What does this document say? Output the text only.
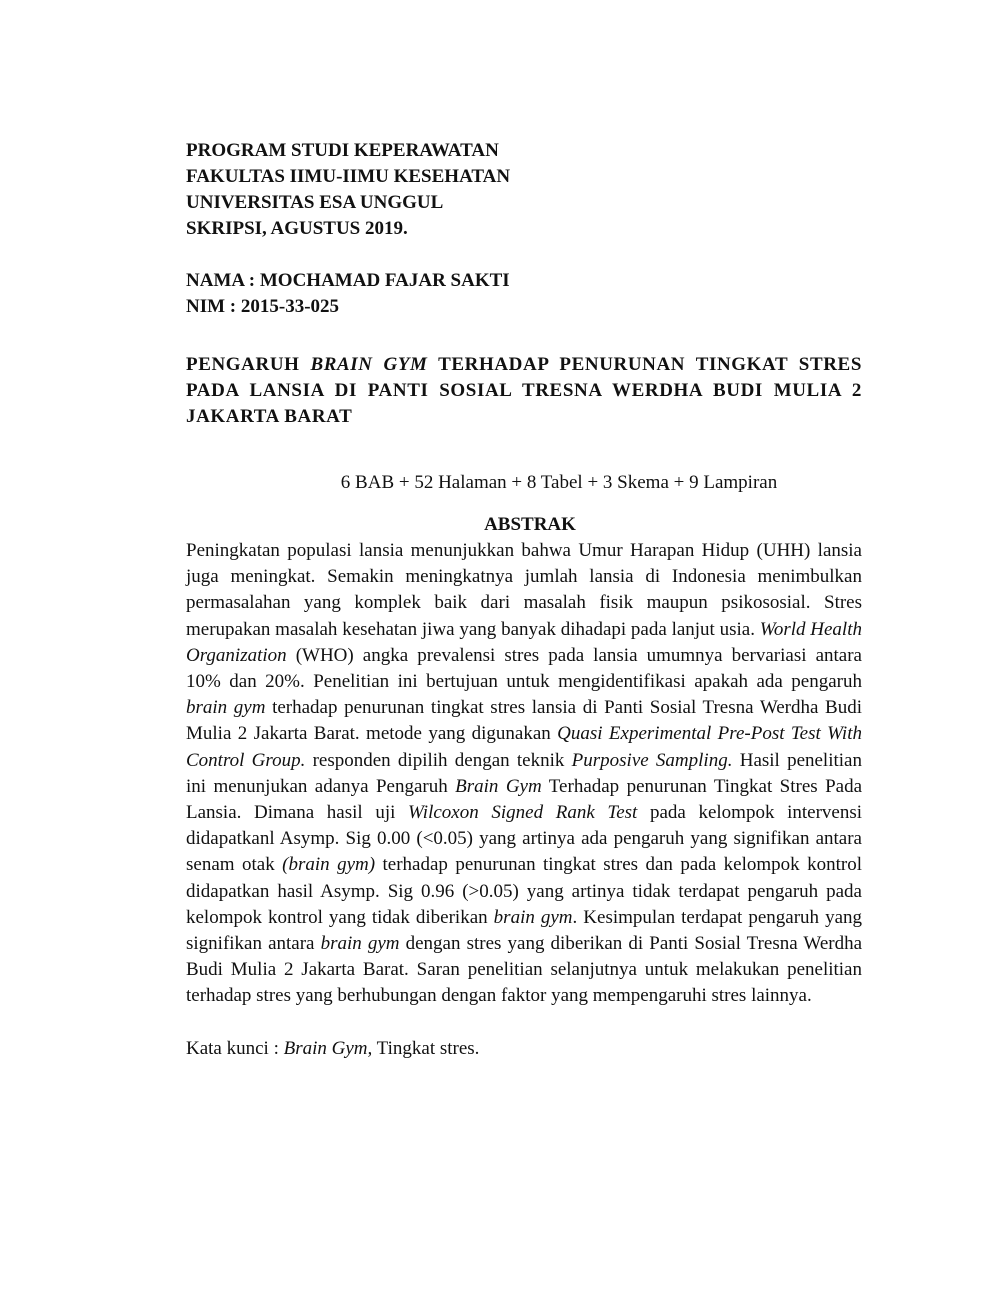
PROGRAM STUDI KEPERAWATAN
FAKULTAS IIMU-IIMU KESEHATAN
UNIVERSITAS ESA UNGGUL
SKRIPSI, AGUSTUS 2019.
NAMA : MOCHAMAD FAJAR SAKTI
NIM : 2015-33-025
PENGARUH BRAIN GYM TERHADAP PENURUNAN TINGKAT STRES PADA LANSIA DI PANTI SOSIAL TRESNA WERDHA BUDI MULIA 2 JAKARTA BARAT
6 BAB + 52 Halaman + 8 Tabel + 3 Skema + 9 Lampiran
ABSTRAK

Peningkatan populasi lansia menunjukkan bahwa Umur Harapan Hidup (UHH) lansia juga meningkat. Semakin meningkatnya jumlah lansia di Indonesia menimbulkan permasalahan yang komplek baik dari masalah fisik maupun psikososial. Stres merupakan masalah kesehatan jiwa yang banyak dihadapi pada lanjut usia. World Health Organization (WHO) angka prevalensi stres pada lansia umumnya bervariasi antara 10% dan 20%. Penelitian ini bertujuan untuk mengidentifikasi apakah ada pengaruh brain gym terhadap penurunan tingkat stres lansia di Panti Sosial Tresna Werdha Budi Mulia 2 Jakarta Barat. metode yang digunakan Quasi Experimental Pre-Post Test With Control Group. responden dipilih dengan teknik Purposive Sampling. Hasil penelitian ini menunjukan adanya Pengaruh Brain Gym Terhadap penurunan Tingkat Stres Pada Lansia. Dimana hasil uji Wilcoxon Signed Rank Test pada kelompok intervensi didapatkanl Asymp. Sig 0.00 (<0.05) yang artinya ada pengaruh yang signifikan antara senam otak (brain gym) terhadap penurunan tingkat stres dan pada kelompok kontrol didapatkan hasil Asymp. Sig 0.96 (>0.05) yang artinya tidak terdapat pengaruh pada kelompok kontrol yang tidak diberikan brain gym. Kesimpulan terdapat pengaruh yang signifikan antara brain gym dengan stres yang diberikan di Panti Sosial Tresna Werdha Budi Mulia 2 Jakarta Barat. Saran penelitian selanjutnya untuk melakukan penelitian terhadap stres yang berhubungan dengan faktor yang mempengaruhi stres lainnya.

Kata kunci : Brain Gym, Tingkat stres.
